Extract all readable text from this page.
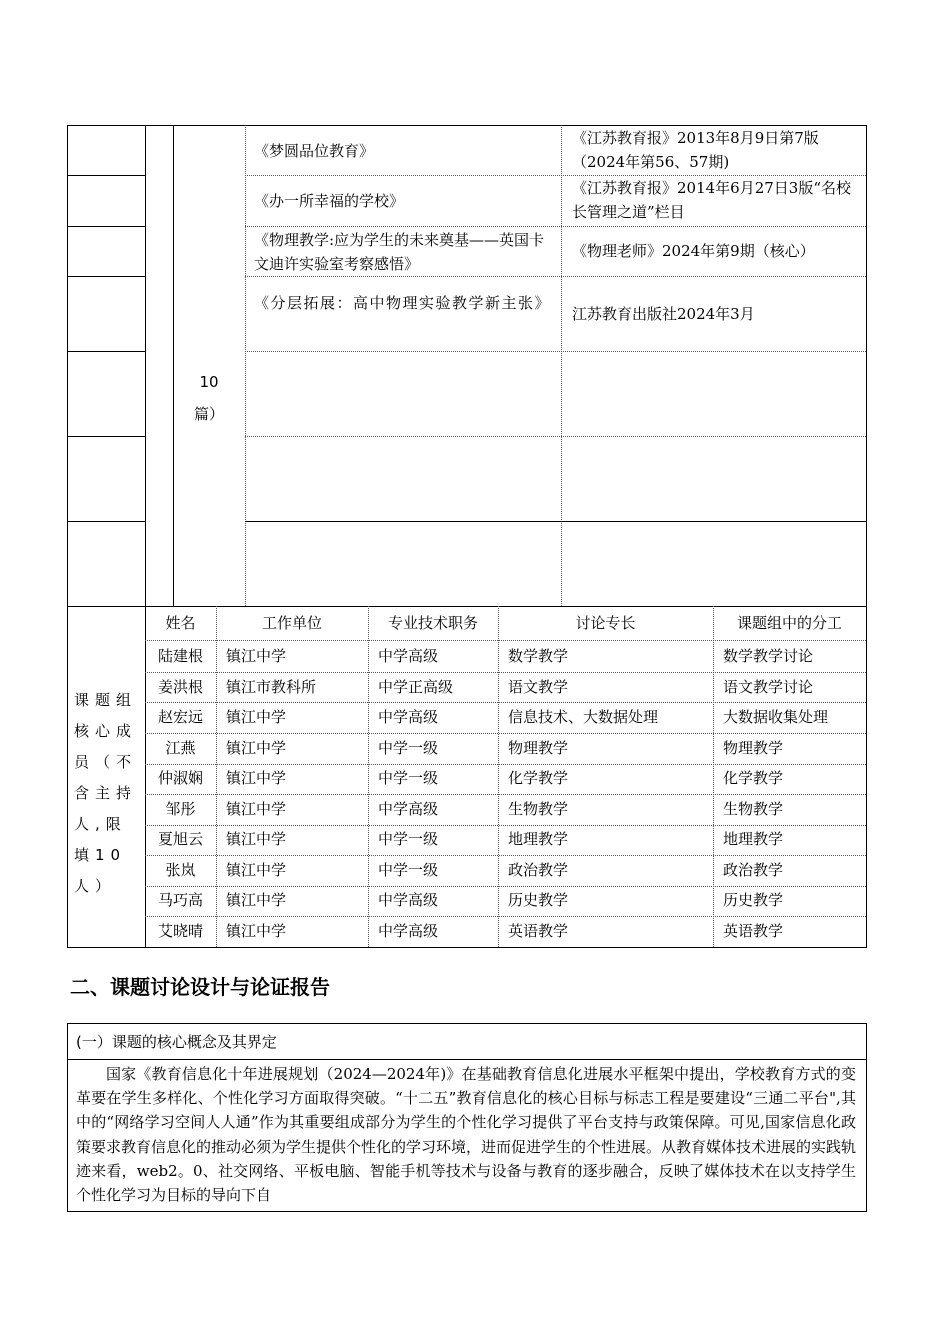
10
篇）
《梦圆品位教育》
《江苏教育报》2013年8月9日第7版（2024年第56、57期)
《办一所幸福的学校》
《江苏教育报》2014年6月27日3版“名校长管理之道”栏目
《物理教学:应为学生的未来奠基——英国卡文迪许实验室考察感悟》
《物理老师》2024年第9期（核心）
《分层拓展：高中物理实验教学新主张》
江苏教育出版社2024年3月
课题组核心成员（不含主持人,限填10人）
姓名	工作单位	专业技术职务	讨论专长	课题组中的分工
陆建根	镇江中学	中学高级	数学教学	数学教学讨论
姜洪根	镇江市教科所	中学正高级	语文教学	语文教学讨论
赵宏远	镇江中学	中学高级	信息技术、大数据处理	大数据收集处理
江燕	镇江中学	中学一级	物理教学	物理教学
仲淑娴	镇江中学	中学一级	化学教学	化学教学
邹彤	镇江中学	中学高级	生物教学	生物教学
夏旭云	镇江中学	中学一级	地理教学	地理教学
张岚	镇江中学	中学一级	政治教学	政治教学
马巧高	镇江中学	中学高级	历史教学	历史教学
艾晓晴	镇江中学	中学高级	英语教学	英语教学
二、课题讨论设计与论证报告
(一）课题的核心概念及其界定
国家《教育信息化十年进展规划（2024—2024年)》在基础教育信息化进展水平框架中提出，学校教育方式的变革要在学生多样化、个性化学习方面取得突破。“十二五”教育信息化的核心目标与标志工程是要建设“三通二平台",其中的“网络学习空间人人通”作为其重要组成部分为学生的个性化学习提供了平台支持与政策保障。可见,国家信息化政策要求教育信息化的推动必须为学生提供个性化的学习环境，进而促进学生的个性进展。从教育媒体技术进展的实践轨迹来看，web2。0、社交网络、平板电脑、智能手机等技术与设备与教育的逐步融合，反映了媒体技术在以支持学生个性化学习为目标的导向下自
